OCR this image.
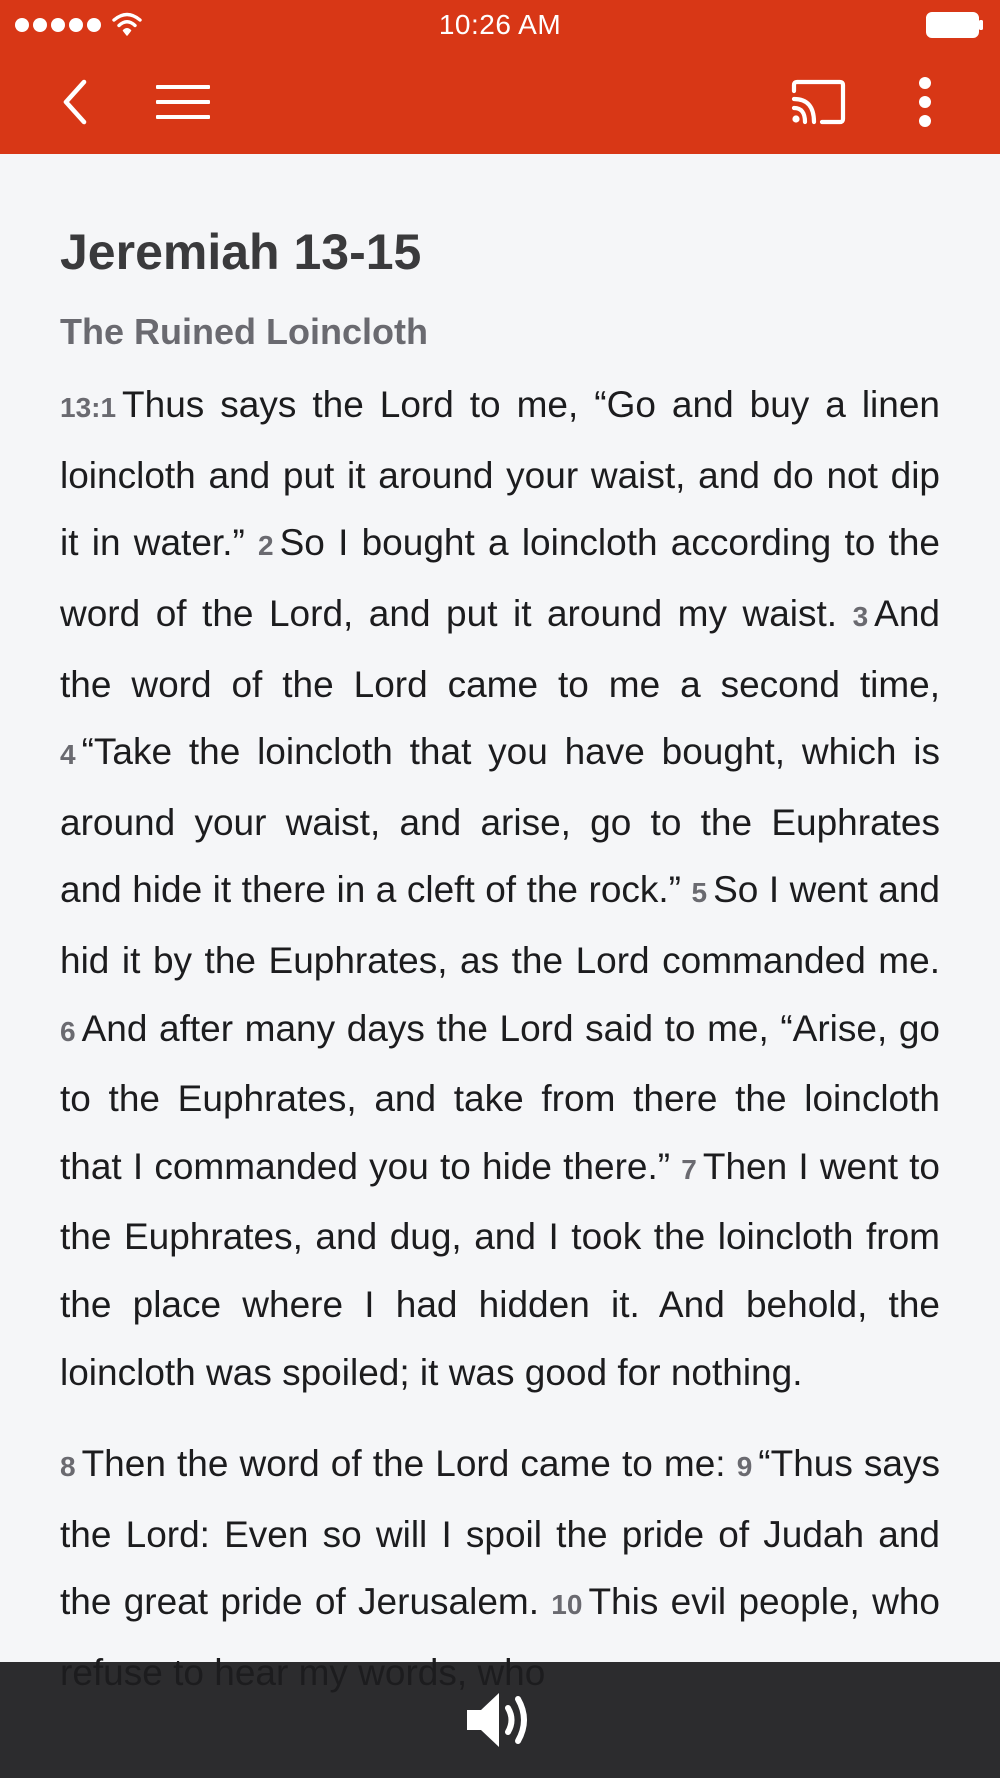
10:26 AM
Jeremiah 13-15
The Ruined Loincloth

13:1 Thus says the Lord to me, “Go and buy a linen loincloth and put it around your waist, and do not dip it in water.” 2 So I bought a loincloth according to the word of the Lord, and put it around my waist. 3 And the word of the Lord came to me a second time, 4 “Take the loincloth that you have bought, which is around your waist, and arise, go to the Euphrates and hide it there in a cleft of the rock.” 5 So I went and hid it by the Euphrates, as the Lord commanded me. 6 And after many days the Lord said to me, “Arise, go to the Euphrates, and take from there the loincloth that I commanded you to hide there.” 7 Then I went to the Euphrates, and dug, and I took the loincloth from the place where I had hidden it. And behold, the loincloth was spoiled; it was good for nothing.

8 Then the word of the Lord came to me: 9 “Thus says the Lord: Even so will I spoil the pride of Judah and the great pride of Jerusalem. 10 This evil people, who
